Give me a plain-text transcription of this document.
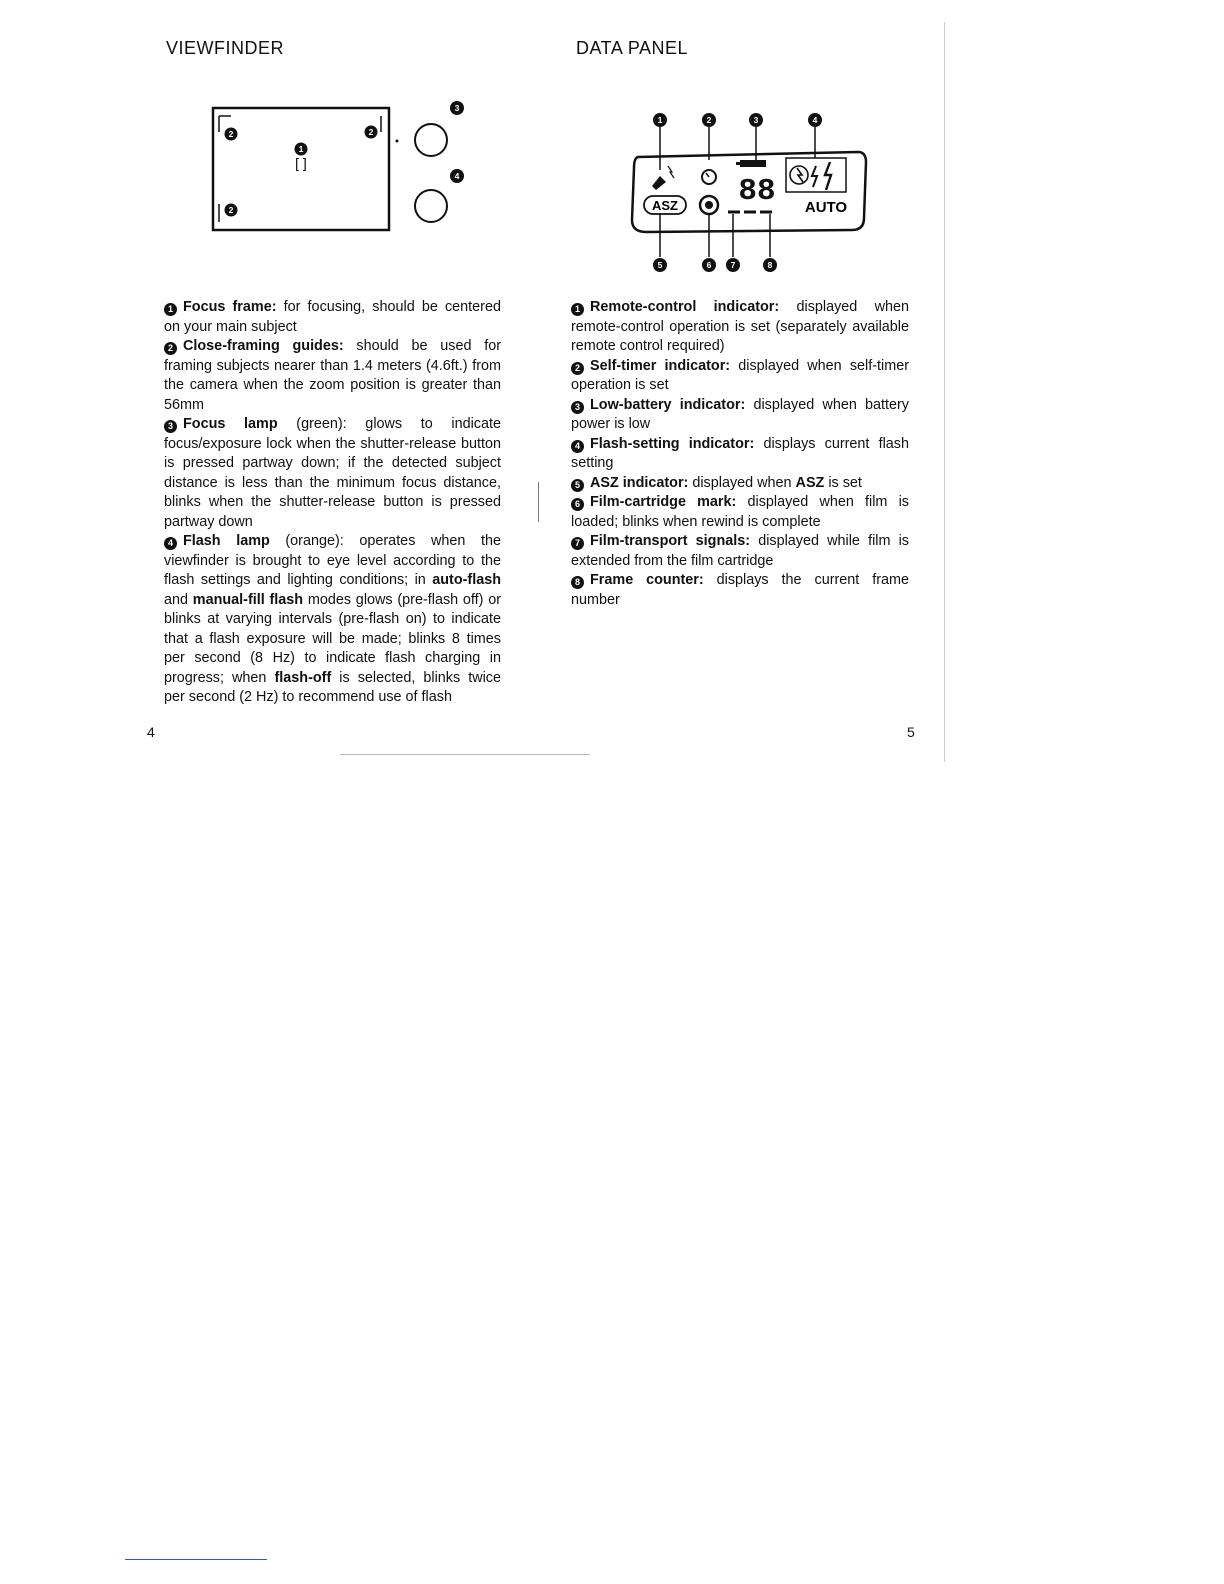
VIEWFINDER	DATA PANEL
2	2
2
1
[ ]
3
4
1	2	3	4
88
ASZ	AUTO
5	6 7	8

1 Focus frame: for focusing, should be centered on your main subject

2 Close-framing guides: should be used for framing subjects nearer than 1.4 meters (4.6ft.) from the camera when the zoom position is greater than 56mm

3 Focus lamp (green): glows to indicate focus/exposure lock when the shutter-release button is pressed partway down; if the detected subject distance is less than the minimum focus distance, blinks when the shutter-release button is pressed partway down

4 Flash lamp (orange): operates when the viewfinder is brought to eye level according to the flash settings and lighting conditions; in auto-flash and manual-fill flash modes glows (pre-flash off) or blinks at varying intervals (pre-flash on) to indicate that a flash exposure will be made; blinks 8 times per second (8 Hz) to indicate flash charging in progress; when flash-off is selected, blinks twice per second (2 Hz) to recommend use of flash

1 Remote-control indicator: displayed when remote-control operation is set (separately available remote control required)

2 Self-timer indicator: displayed when self-timer operation is set

3 Low-battery indicator: displayed when battery power is low

4 Flash-setting indicator: displays current flash setting

5 ASZ indicator: displayed when ASZ is set

6 Film-cartridge mark: displayed when film is loaded; blinks when rewind is complete

7 Film-transport signals: displayed while film is extended from the film cartridge

8 Frame counter: displays the current frame number

4	5
